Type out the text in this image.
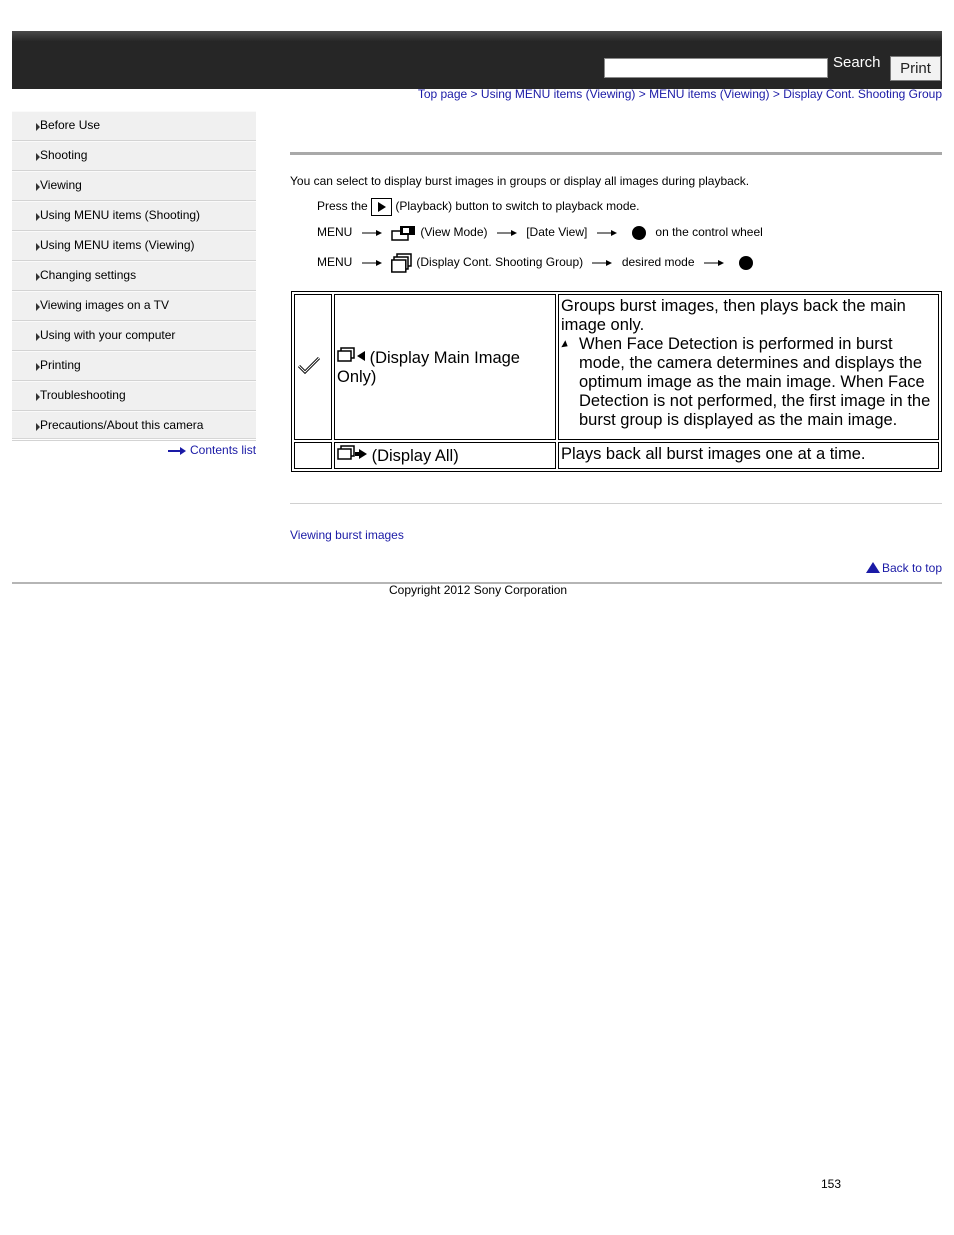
Search	Print
Top page > Using MENU items (Viewing) > MENU items (Viewing) > Display Cont. Shooting Group
Before Use
Shooting
Viewing
Using MENU items (Shooting)
Using MENU items (Viewing)
Changing settings
Viewing images on a TV
Using with your computer
Printing
Troubleshooting
Precautions/About this camera
Contents list
You can select to display burst images in groups or display all images during playback.
Press the (Playback) button to switch to playback mode.
MENU	(View Mode)	[Date View]	on the control wheel
MENU	(Display Cont. Shooting Group)	desired mode
	(Display Main Image Only)	Groups burst images, then plays back the main image only.
When Face Detection is performed in burst mode, the camera determines and displays the optimum image as the main image. When Face Detection is not performed, the first image in the burst group is displayed as the main image.

	(Display All)	Plays back all burst images one at a time.
Viewing burst images
Back to top
Copyright 2012 Sony Corporation
153
